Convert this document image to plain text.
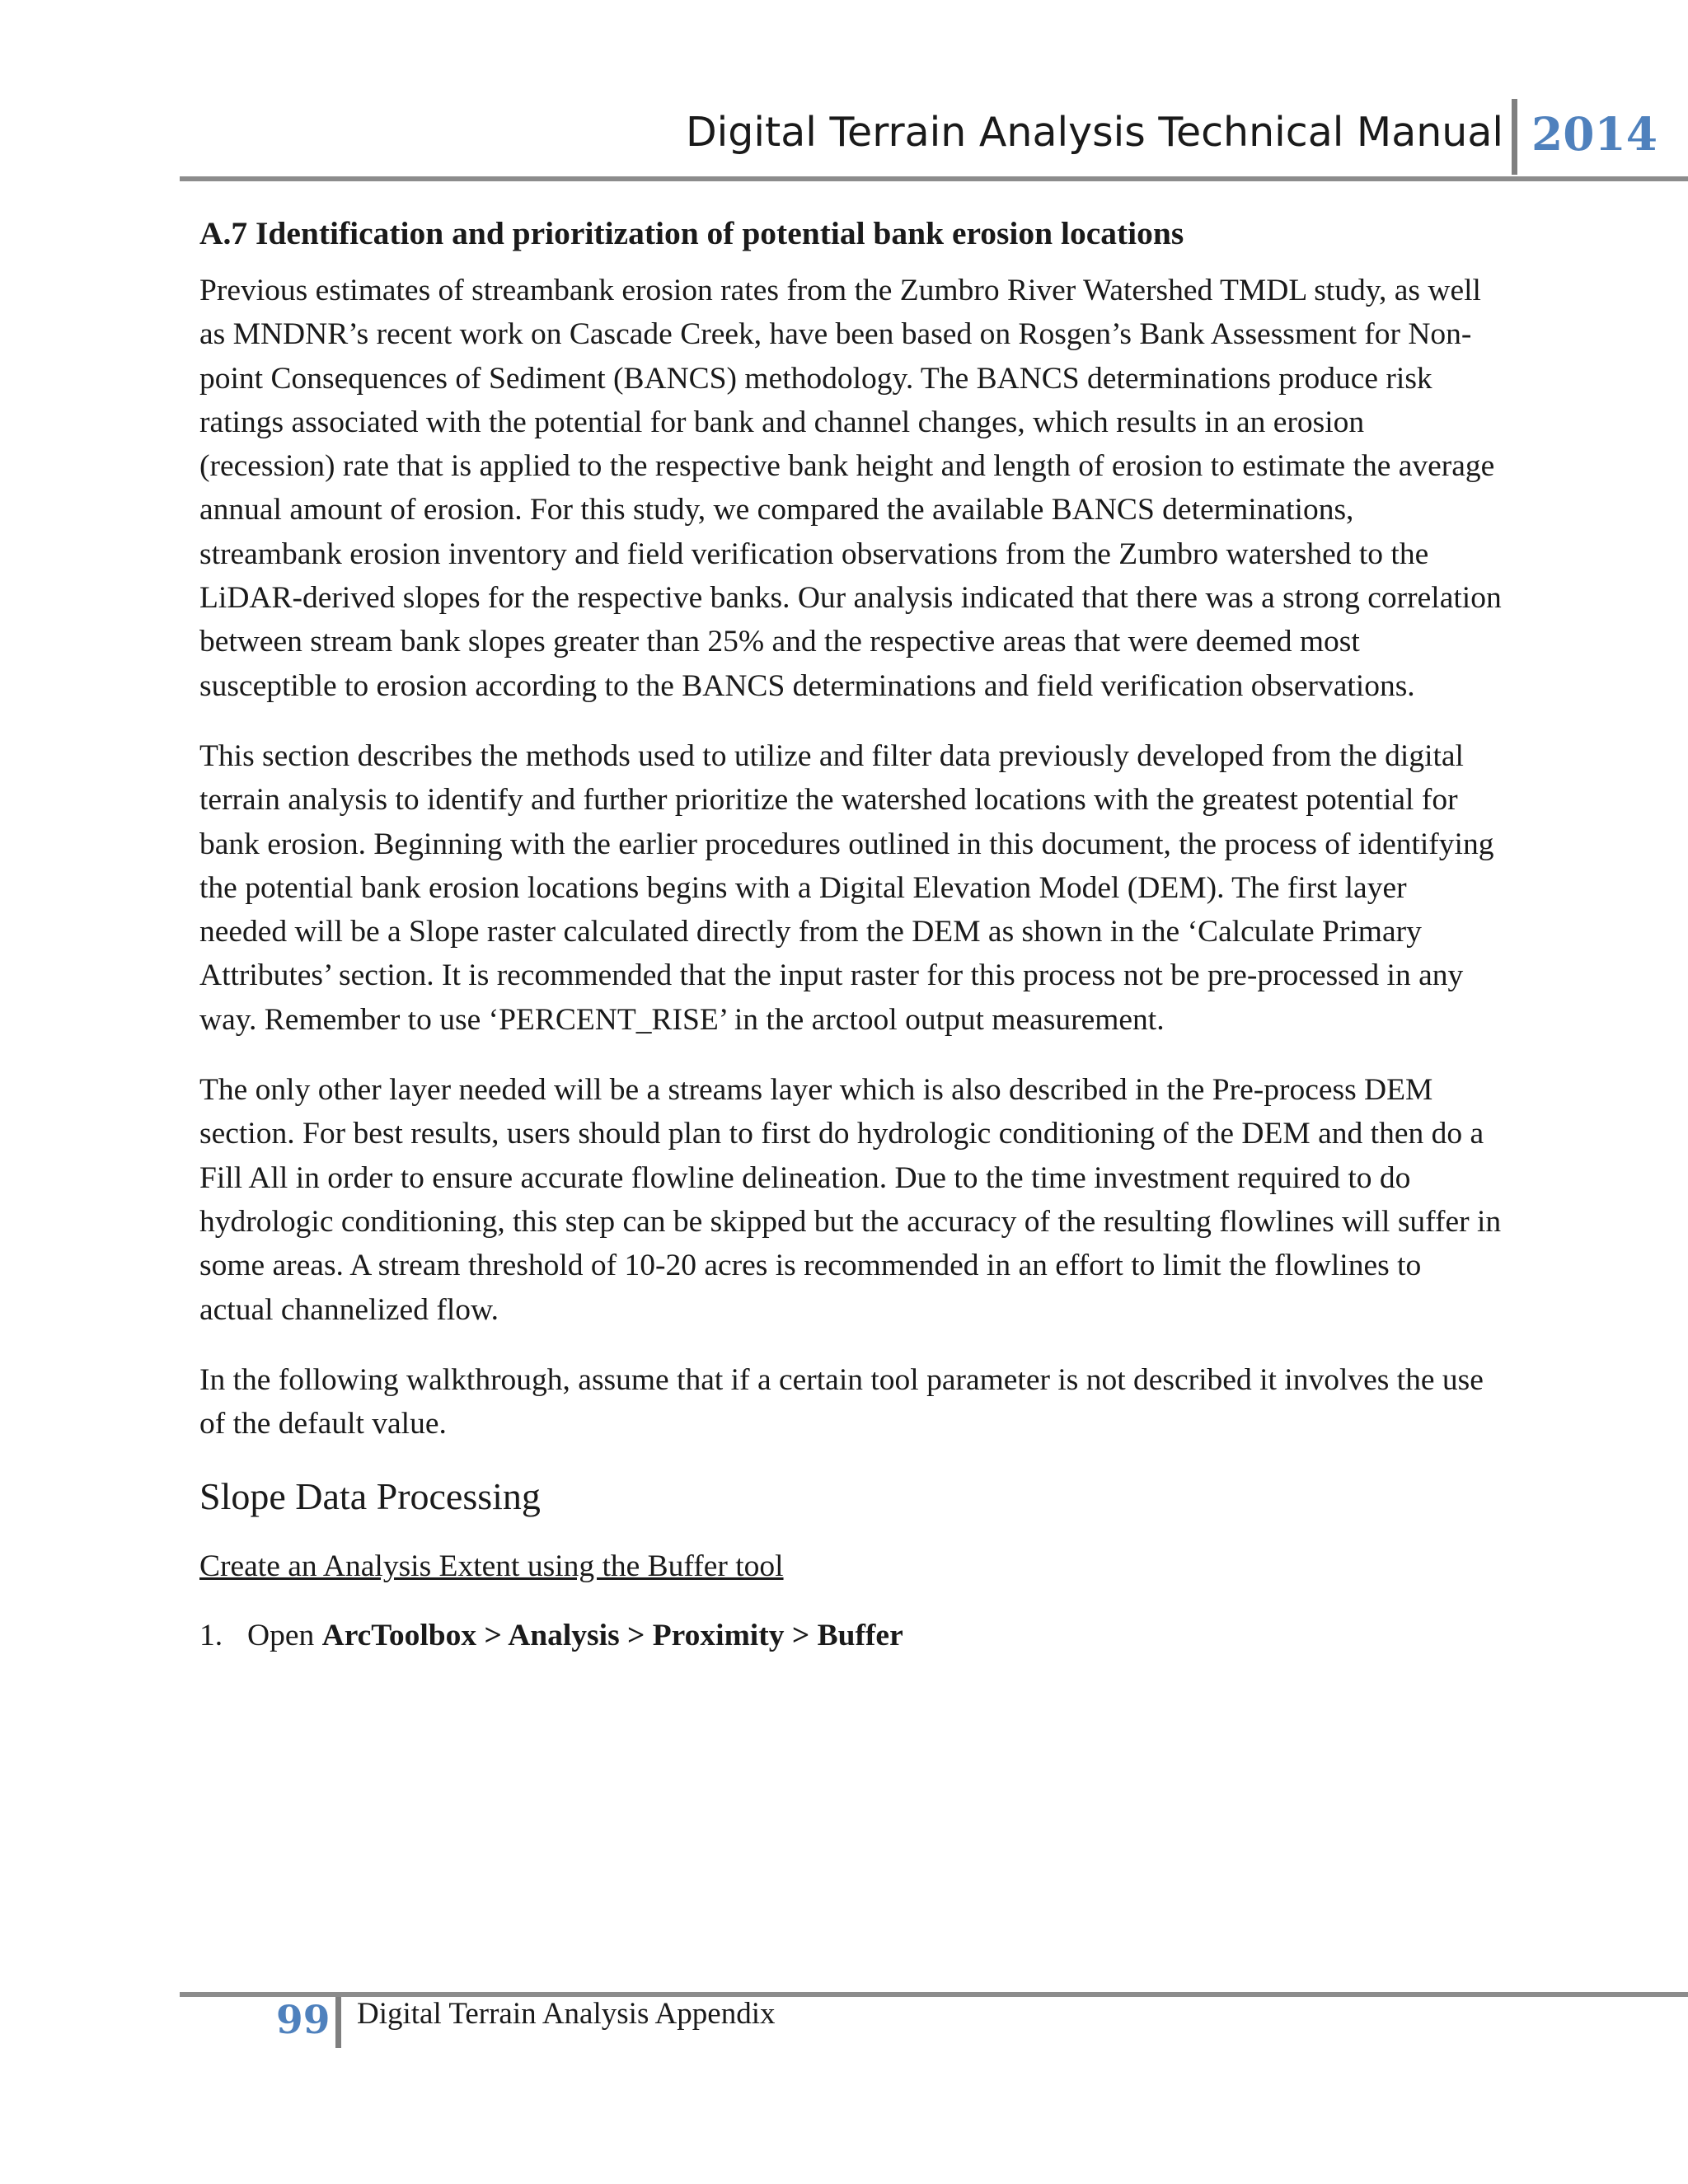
Digital Terrain Analysis Technical Manual 2014
A.7 Identification and prioritization of potential bank erosion locations

Previous estimates of streambank erosion rates from the Zumbro River Watershed TMDL study, as well as MNDNR’s recent work on Cascade Creek, have been based on Rosgen’s Bank Assessment for Non-point Consequences of Sediment (BANCS) methodology. The BANCS determinations produce risk ratings associated with the potential for bank and channel changes, which results in an erosion (recession) rate that is applied to the respective bank height and length of erosion to estimate the average annual amount of erosion. For this study, we compared the available BANCS determinations, streambank erosion inventory and field verification observations from the Zumbro watershed to the LiDAR-derived slopes for the respective banks. Our analysis indicated that there was a strong correlation between stream bank slopes greater than 25% and the respective areas that were deemed most susceptible to erosion according to the BANCS determinations and field verification observations.

This section describes the methods used to utilize and filter data previously developed from the digital terrain analysis to identify and further prioritize the watershed locations with the greatest potential for bank erosion. Beginning with the earlier procedures outlined in this document, the process of identifying the potential bank erosion locations begins with a Digital Elevation Model (DEM). The first layer needed will be a Slope raster calculated directly from the DEM as shown in the ‘Calculate Primary Attributes’ section. It is recommended that the input raster for this process not be pre-processed in any way. Remember to use ‘PERCENT_RISE’ in the arctool output measurement.

The only other layer needed will be a streams layer which is also described in the Pre-process DEM section. For best results, users should plan to first do hydrologic conditioning of the DEM and then do a Fill All in order to ensure accurate flowline delineation. Due to the time investment required to do hydrologic conditioning, this step can be skipped but the accuracy of the resulting flowlines will suffer in some areas. A stream threshold of 10-20 acres is recommended in an effort to limit the flowlines to actual channelized flow.

In the following walkthrough, assume that if a certain tool parameter is not described it involves the use of the default value.

Slope Data Processing
Create an Analysis Extent using the Buffer tool
1. Open ArcToolbox > Analysis > Proximity > Buffer
99 Digital Terrain Analysis Appendix
